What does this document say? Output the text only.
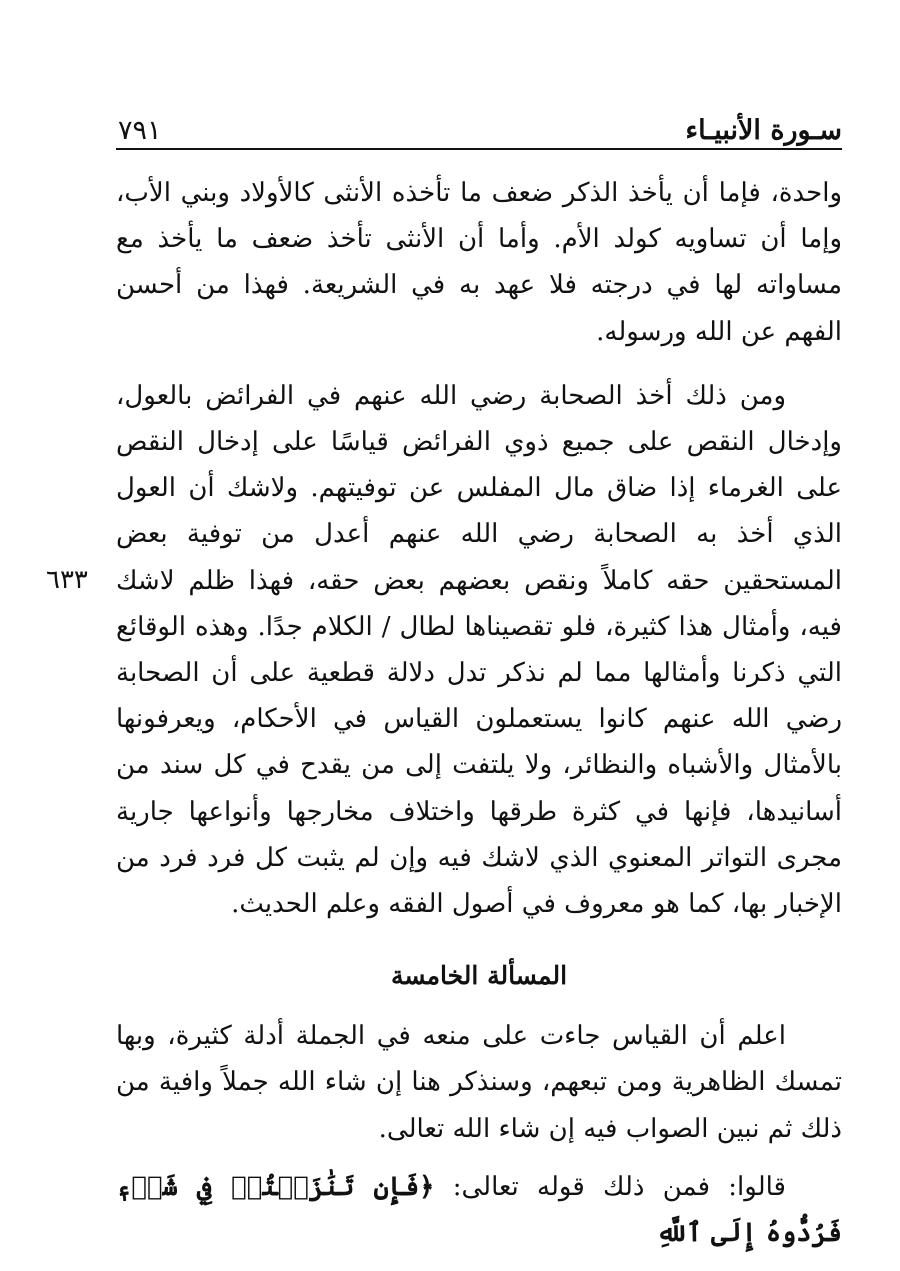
سـورة الأنبيـاء
٧٩١

واحدة، فإما أن يأخذ الذكر ضعف ما تأخذه الأنثى كالأولاد وبني الأب، وإما أن تساويه كولد الأم. وأما أن الأنثى تأخذ ضعف ما يأخذ مع مساواته لها في درجته فلا عهد به في الشريعة. فهذا من أحسن الفهم عن الله ورسوله.

ومن ذلك أخذ الصحابة رضي الله عنهم في الفرائض بالعول، وإدخال النقص على جميع ذوي الفرائض قياسًا على إدخال النقص على الغرماء إذا ضاق مال المفلس عن توفيتهم. ولاشك أن العول الذي أخذ به الصحابة رضي الله عنهم أعدل من توفية بعض المستحقين حقه كاملاً ونقص بعضهم بعض حقه، فهذا ظلم لاشك فيه، وأمثال هذا كثيرة، فلو تقصيناها لطال / الكلام جدًا. وهذه الوقائع التي ذكرنا وأمثالها مما لم نذكر تدل دلالة قطعية على أن الصحابة رضي الله عنهم كانوا يستعملون القياس في الأحكام، ويعرفونها بالأمثال والأشباه والنظائر، ولا يلتفت إلى من يقدح في كل سند من أسانيدها، فإنها في كثرة طرقها واختلاف مخارجها وأنواعها جارية مجرى التواتر المعنوي الذي لاشك فيه وإن لم يثبت كل فرد فرد من الإخبار بها، كما هو معروف في أصول الفقه وعلم الحديث.

المسألة الخامسة

اعلم أن القياس جاءت على منعه في الجملة أدلة كثيرة، وبها تمسك الظاهرية ومن تبعهم، وسنذكر هنا إن شاء الله جملاً وافية من ذلك ثم نبين الصواب فيه إن شاء الله تعالى.

قالوا: فمن ذلك قوله تعالى: ﴿فَإِن تَنَٰزَعۡتُمۡ فِي شَيۡءٖ فَرُدُّوهُ إِلَى ٱللَّهِ

٦٣٣
